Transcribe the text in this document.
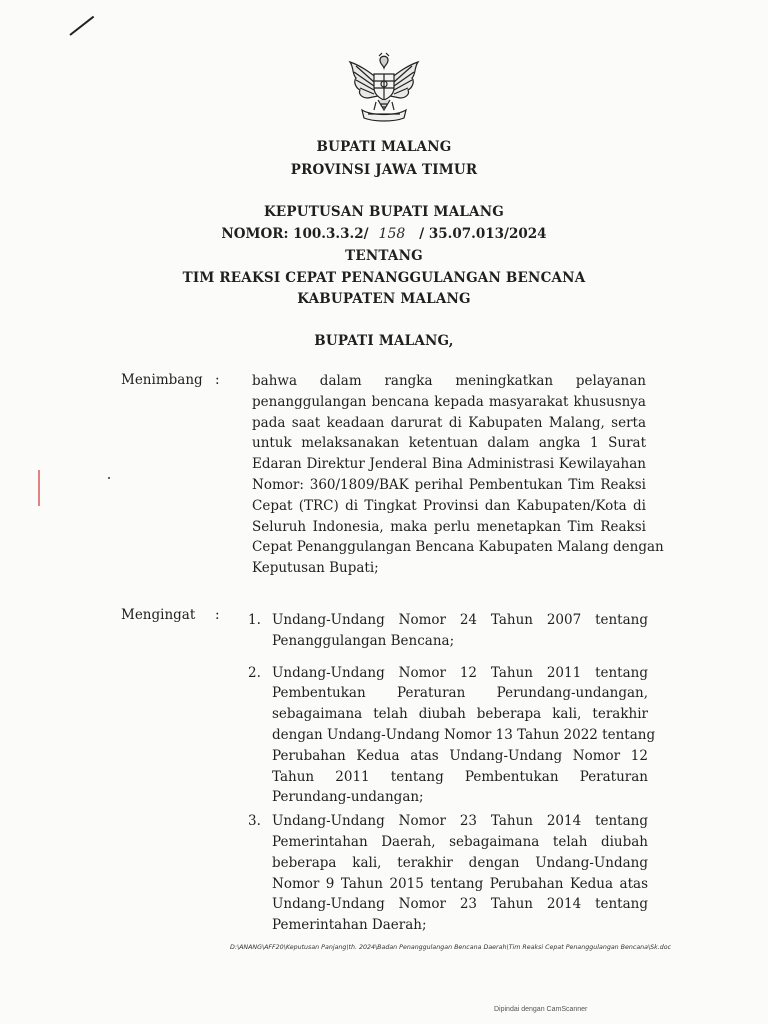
BUPATI MALANG
PROVINSI JAWA TIMUR
KEPUTUSAN BUPATI MALANG
NOMOR: 100.3.3.2/ 158 / 35.07.013/2024
TENTANG
TIM REAKSI CEPAT PENANGGULANGAN BENCANA
KABUPATEN MALANG
BUPATI MALANG,
Menimbang : bahwa dalam rangka meningkatkan pelayanan
penanggulangan bencana kepada masyarakat khususnya
pada saat keadaan darurat di Kabupaten Malang, serta
untuk melaksanakan ketentuan dalam angka 1 Surat
Edaran Direktur Jenderal Bina Administrasi Kewilayahan
Nomor: 360/1809/BAK perihal Pembentukan Tim Reaksi
Cepat (TRC) di Tingkat Provinsi dan Kabupaten/Kota di
Seluruh Indonesia, maka perlu menetapkan Tim Reaksi
Cepat Penanggulangan Bencana Kabupaten Malang dengan
Keputusan Bupati;
Mengingat : 1. Undang-Undang Nomor 24 Tahun 2007 tentang
Penanggulangan Bencana;
2. Undang-Undang Nomor 12 Tahun 2011 tentang
Pembentukan Peraturan Perundang-undangan,
sebagaimana telah diubah beberapa kali, terakhir
dengan Undang-Undang Nomor 13 Tahun 2022 tentang
Perubahan Kedua atas Undang-Undang Nomor 12
Tahun 2011 tentang Pembentukan Peraturan
Perundang-undangan;
3. Undang-Undang Nomor 23 Tahun 2014 tentang
Pemerintahan Daerah, sebagaimana telah diubah
beberapa kali, terakhir dengan Undang-Undang
Nomor 9 Tahun 2015 tentang Perubahan Kedua atas
Undang-Undang Nomor 23 Tahun 2014 tentang
Pemerintahan Daerah;
D:\ANANG\AFF20\Keputusan Panjang\th. 2024\Badan Penanggulangan Bencana Daerah\Tim Reaksi Cepat Penanggulangan Bencana\Sk.doc
Dipindai dengan CamScanner
